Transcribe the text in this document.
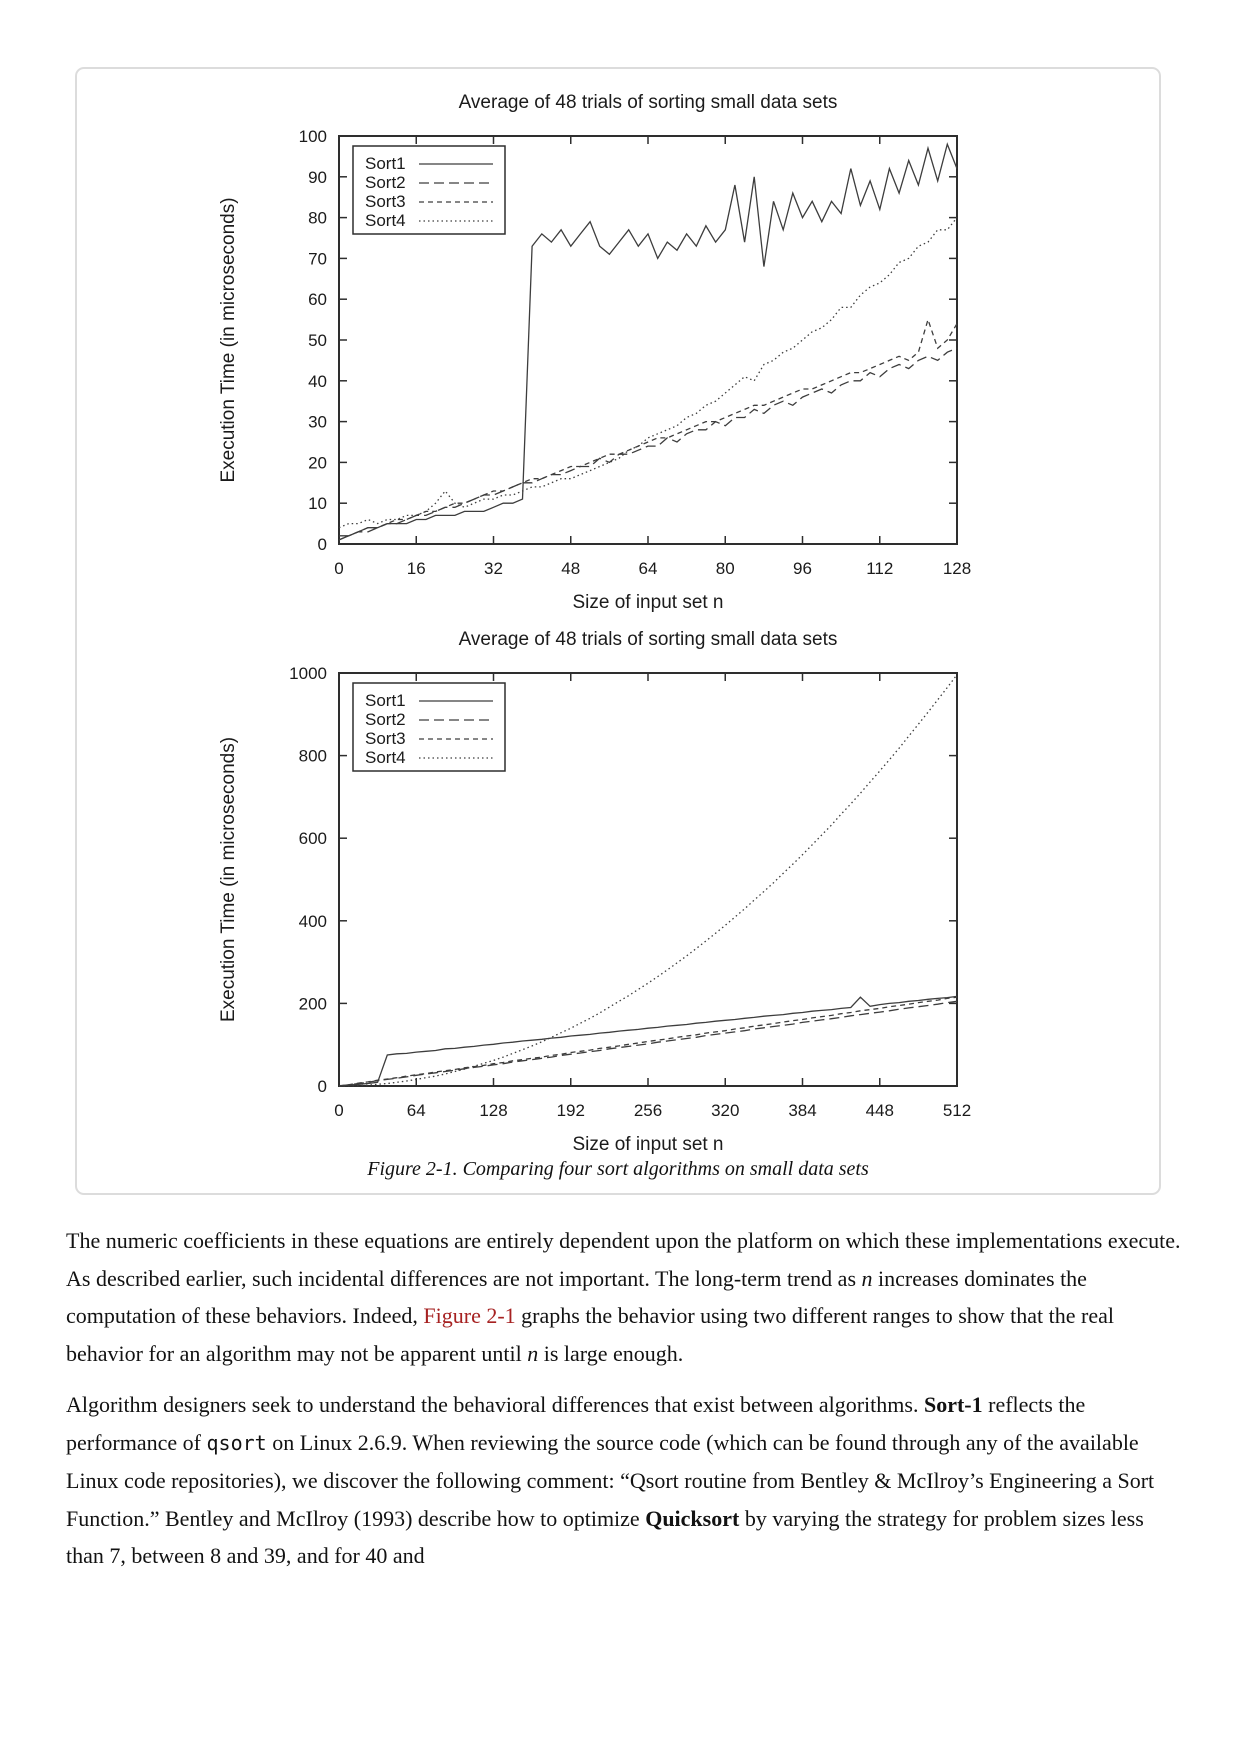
0	16	32	48	64	80	96	112	128
0
10
20
30
40
50
60
70
80
90
100
Average of 48 trials of sorting small data sets
Size of input set n
Execution Time (in microseconds)
Sort1
Sort2
Sort3
Sort4
0	64	128	192	256	320	384	448	512
0
200
400
600
800
1000
Average of 48 trials of sorting small data sets
Size of input set n
Execution Time (in microseconds)
Sort1
Sort2
Sort3
Sort4
Figure 2-1. Comparing four sort algorithms on small data sets

The numeric coefficients in these equations are entirely dependent upon the platform on which these implementations execute. As described earlier, such incidental differences are not important. The long-term trend as n increases dominates the computation of these behaviors. Indeed, Figure 2-1 graphs the behavior using two different ranges to show that the real behavior for an algorithm may not be apparent until n is large enough.

Algorithm designers seek to understand the behavioral differences that exist between algorithms. Sort-1 reflects the performance of qsort on Linux 2.6.9. When reviewing the source code (which can be found through any of the available Linux code repositories), we discover the following comment: “Qsort routine from Bentley & McIlroy’s Engineering a Sort Function.” Bentley and McIlroy (1993) describe how to optimize Quicksort by varying the strategy for problem sizes less than 7, between 8 and 39, and for 40 and
